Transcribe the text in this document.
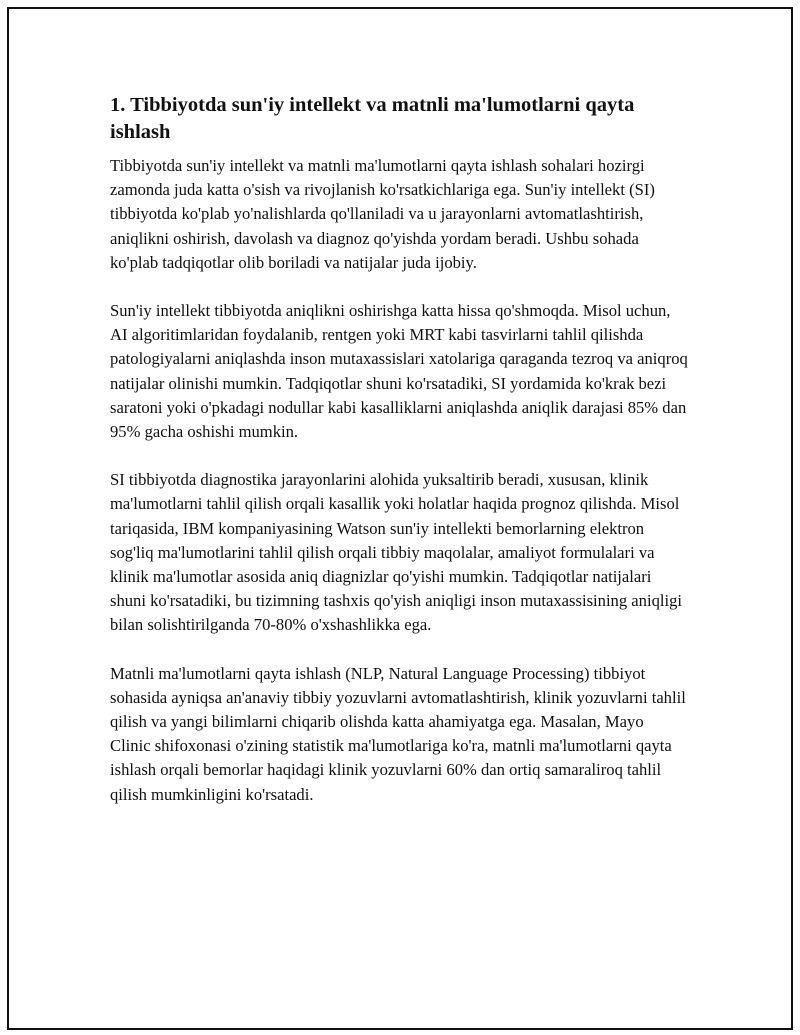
1. Tibbiyotda sun'iy intellekt va matnli ma'lumotlarni qayta ishlash

Tibbiyotda sun'iy intellekt va matnli ma'lumotlarni qayta ishlash sohalari hozirgi zamonda juda katta o'sish va rivojlanish ko'rsatkichlariga ega. Sun'iy intellekt (SI) tibbiyotda ko'plab yo'nalishlarda qo'llaniladi va u jarayonlarni avtomatlashtirish, aniqlikni oshirish, davolash va diagnoz qo'yishda yordam beradi. Ushbu sohada ko'plab tadqiqotlar olib boriladi va natijalar juda ijobiy.

Sun'iy intellekt tibbiyotda aniqlikni oshirishga katta hissa qo'shmoqda. Misol uchun, AI algoritimlaridan foydalanib, rentgen yoki MRT kabi tasvirlarni tahlil qilishda patologiyalarni aniqlashda inson mutaxassislari xatolariga qaraganda tezroq va aniqroq natijalar olinishi mumkin. Tadqiqotlar shuni ko'rsatadiki, SI yordamida ko'krak bezi saratoni yoki o'pkadagi nodullar kabi kasalliklarni aniqlashda aniqlik darajasi 85% dan 95% gacha oshishi mumkin.

SI tibbiyotda diagnostika jarayonlarini alohida yuksaltirib beradi, xususan, klinik ma'lumotlarni tahlil qilish orqali kasallik yoki holatlar haqida prognoz qilishda. Misol tariqasida, IBM kompaniyasining Watson sun'iy intellekti bemorlarning elektron sog'liq ma'lumotlarini tahlil qilish orqali tibbiy maqolalar, amaliyot formulalari va klinik ma'lumotlar asosida aniq diagnizlar qo'yishi mumkin. Tadqiqotlar natijalari shuni ko'rsatadiki, bu tizimning tashxis qo'yish aniqligi inson mutaxassisining aniqligi bilan solishtirilganda 70-80% o'xshashlikka ega.

Matnli ma'lumotlarni qayta ishlash (NLP, Natural Language Processing) tibbiyot sohasida ayniqsa an'anaviy tibbiy yozuvlarni avtomatlashtirish, klinik yozuvlarni tahlil qilish va yangi bilimlarni chiqarib olishda katta ahamiyatga ega. Masalan, Mayo Clinic shifoxonasi o'zining statistik ma'lumotlariga ko'ra, matnli ma'lumotlarni qayta ishlash orqali bemorlar haqidagi klinik yozuvlarni 60% dan ortiq samaraliroq tahlil qilish mumkinligini ko'rsatadi.
